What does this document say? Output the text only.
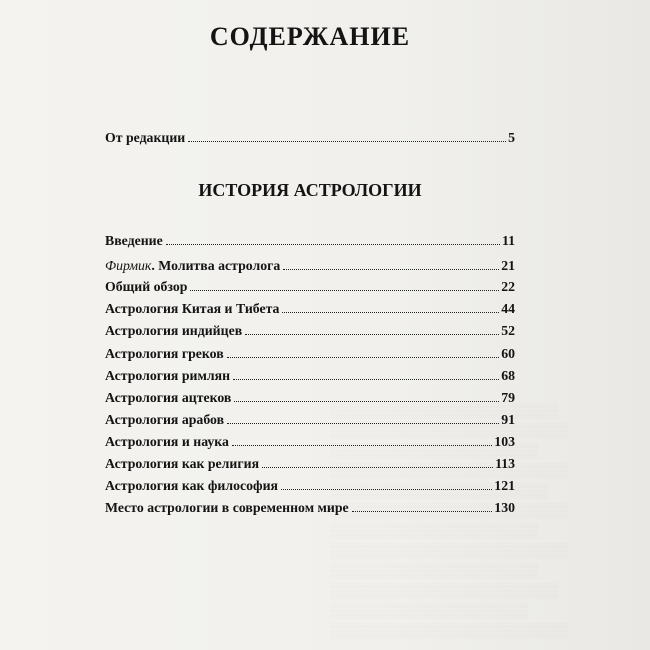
СОДЕРЖАНИЕ
От редакции	5
ИСТОРИЯ АСТРОЛОГИИ
Введение	11
Фирмик. Молитва астролога	21
Общий обзор	22
Астрология Китая и Тибета	44
Астрология индийцев	52
Астрология греков	60
Астрология римлян	68
Астрология ацтеков	79
Астрология арабов	91
Астрология и наука	103
Астрология как религия	113
Астрология как философия	121
Место астрологии в современном мире	130
